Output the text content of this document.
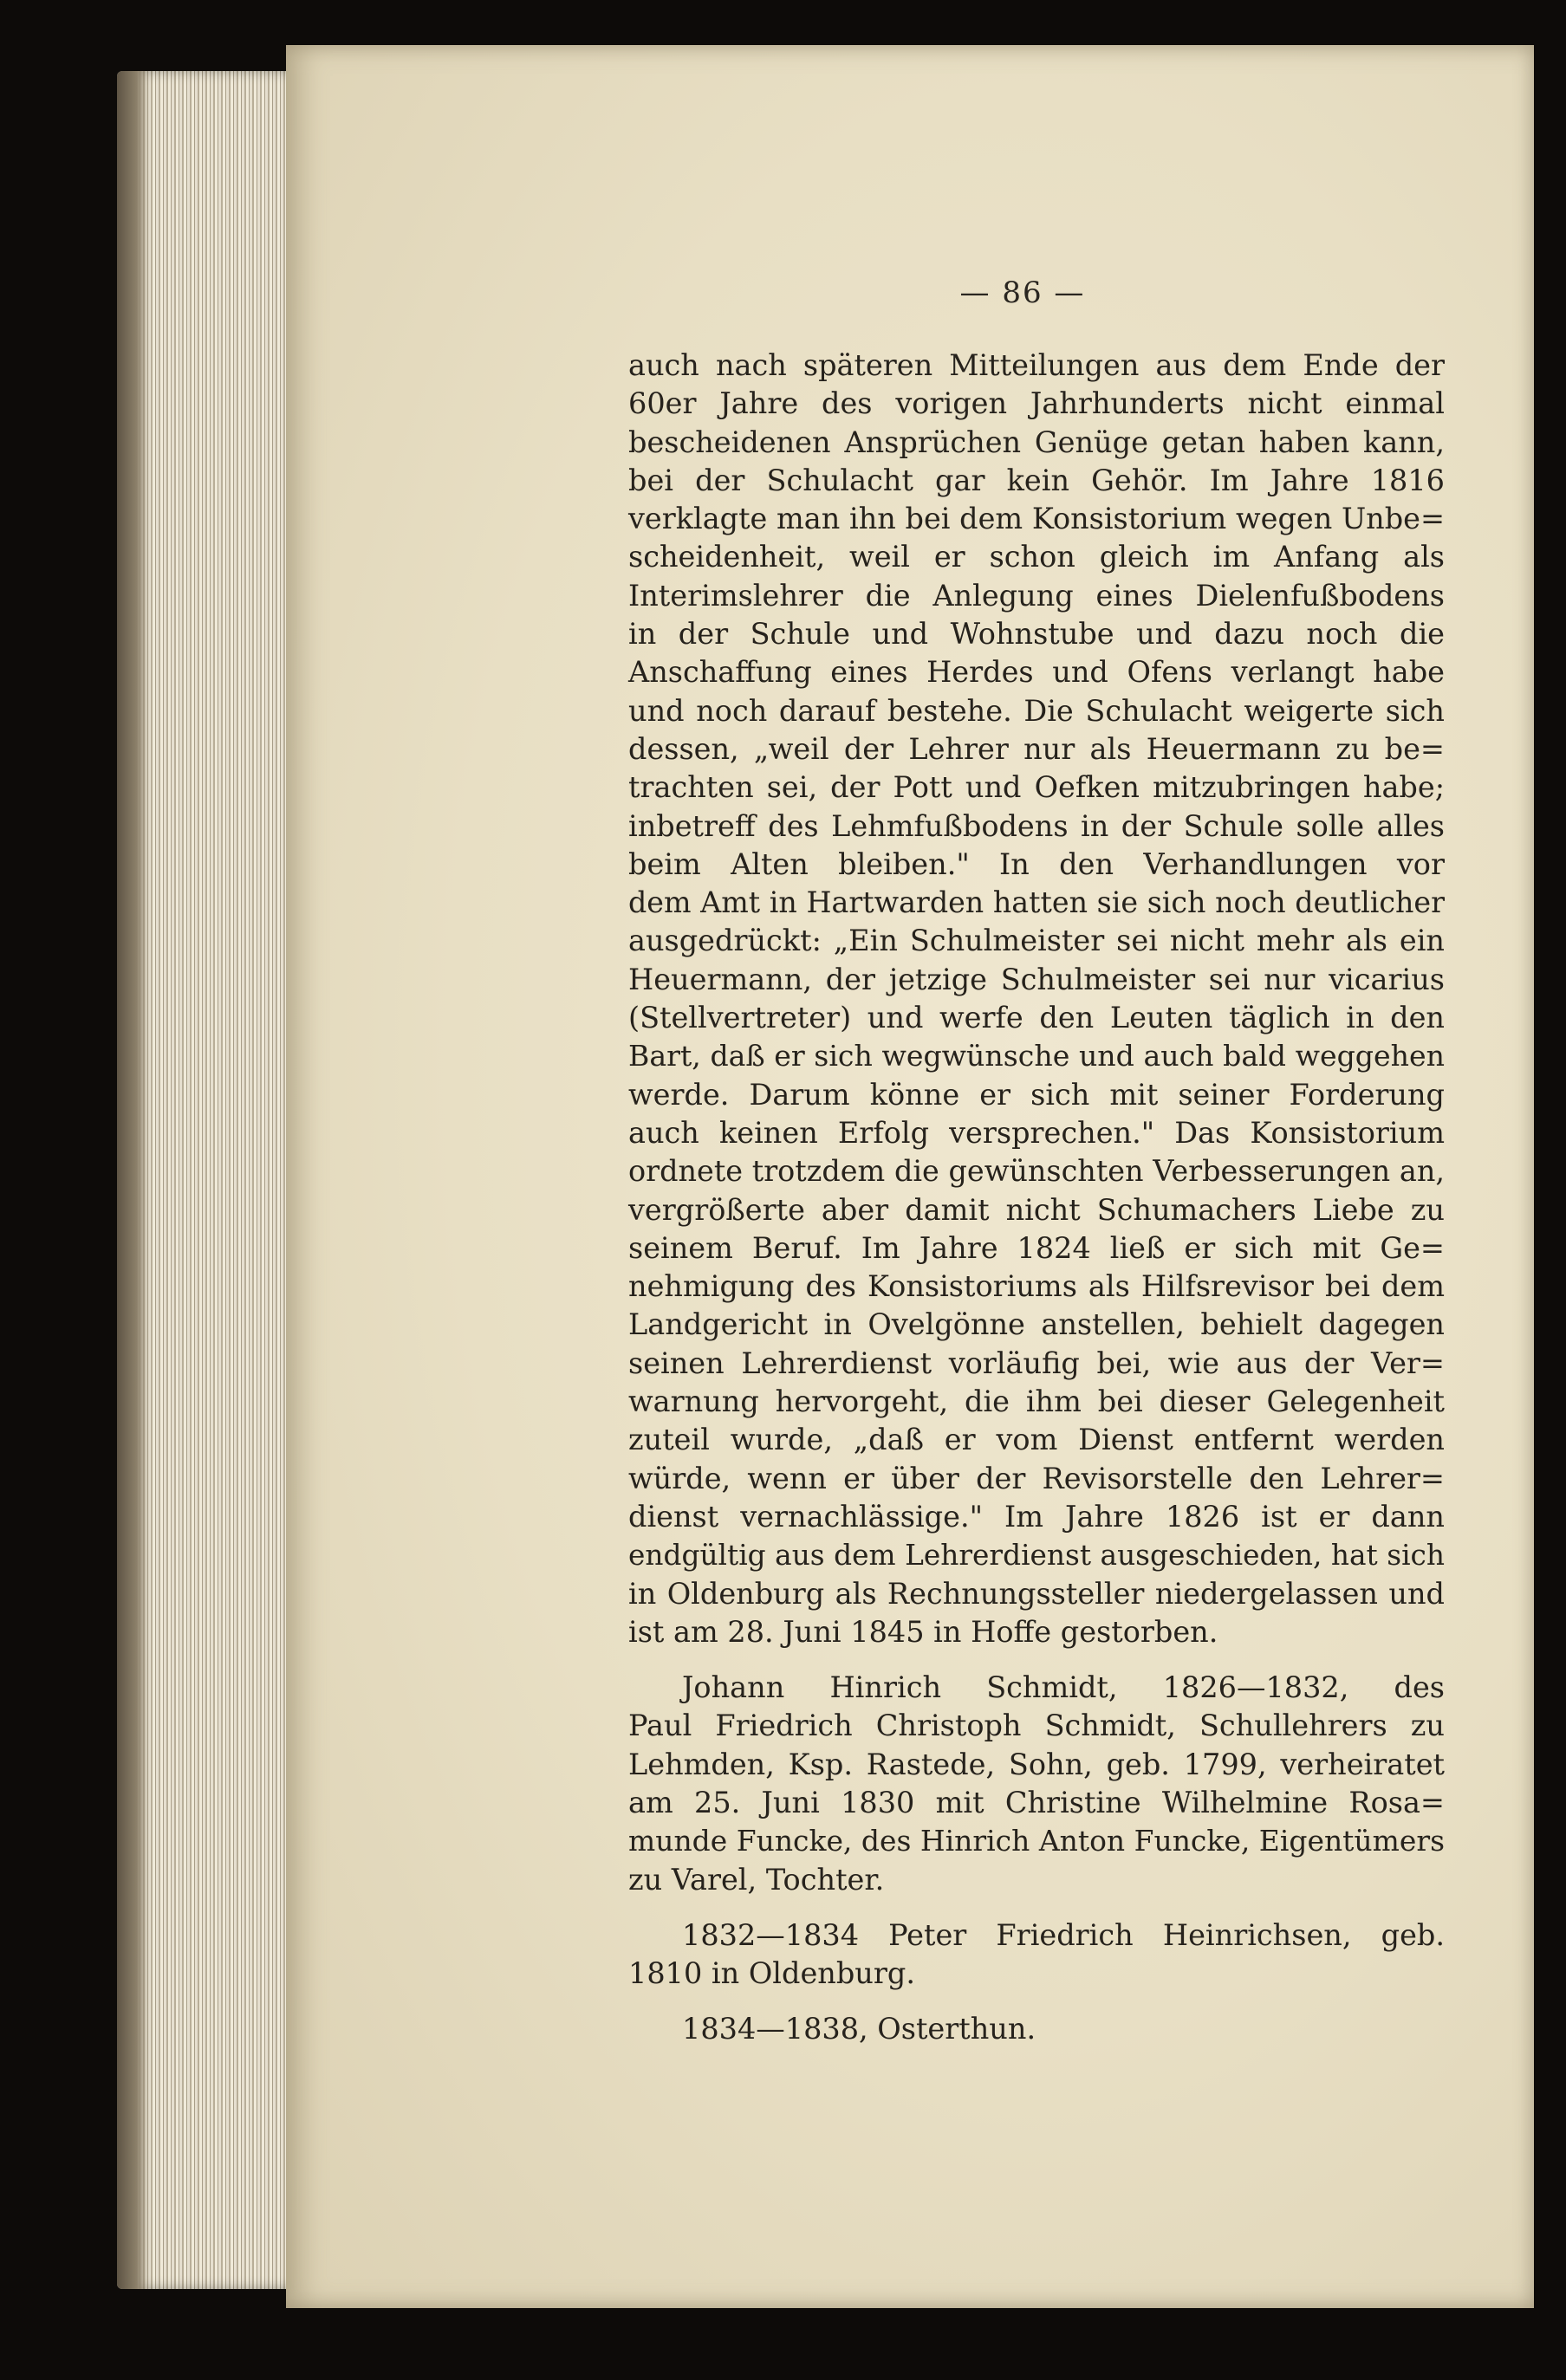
— 86 —
auch nach späteren Mitteilungen aus dem Ende der
60er Jahre des vorigen Jahrhunderts nicht einmal
bescheidenen Ansprüchen Genüge getan haben kann,
bei der Schulacht gar kein Gehör. Im Jahre 1816
verklagte man ihn bei dem Konsistorium wegen Unbe=
scheidenheit, weil er schon gleich im Anfang als
Interimslehrer die Anlegung eines Dielenfußbodens
in der Schule und Wohnstube und dazu noch die
Anschaffung eines Herdes und Ofens verlangt habe
und noch darauf bestehe. Die Schulacht weigerte sich
dessen, „weil der Lehrer nur als Heuermann zu be=
trachten sei, der Pott und Oefken mitzubringen habe;
inbetreff des Lehmfußbodens in der Schule solle alles
beim Alten bleiben." In den Verhandlungen vor
dem Amt in Hartwarden hatten sie sich noch deutlicher
ausgedrückt: „Ein Schulmeister sei nicht mehr als ein
Heuermann, der jetzige Schulmeister sei nur vicarius
(Stellvertreter) und werfe den Leuten täglich in den
Bart, daß er sich wegwünsche und auch bald weggehen
werde. Darum könne er sich mit seiner Forderung
auch keinen Erfolg versprechen." Das Konsistorium
ordnete trotzdem die gewünschten Verbesserungen an,
vergrößerte aber damit nicht Schumachers Liebe zu
seinem Beruf. Im Jahre 1824 ließ er sich mit Ge=
nehmigung des Konsistoriums als Hilfsrevisor bei dem
Landgericht in Ovelgönne anstellen, behielt dagegen
seinen Lehrerdienst vorläufig bei, wie aus der Ver=
warnung hervorgeht, die ihm bei dieser Gelegenheit
zuteil wurde, „daß er vom Dienst entfernt werden
würde, wenn er über der Revisorstelle den Lehrer=
dienst vernachlässige." Im Jahre 1826 ist er dann
endgültig aus dem Lehrerdienst ausgeschieden, hat sich
in Oldenburg als Rechnungssteller niedergelassen und
ist am 28. Juni 1845 in Hoffe gestorben.
Johann Hinrich Schmidt, 1826—1832, des
Paul Friedrich Christoph Schmidt, Schullehrers zu
Lehmden, Ksp. Rastede, Sohn, geb. 1799, verheiratet
am 25. Juni 1830 mit Christine Wilhelmine Rosa=
munde Funcke, des Hinrich Anton Funcke, Eigentümers
zu Varel, Tochter.
1832—1834 Peter Friedrich Heinrichsen, geb.
1810 in Oldenburg.
1834—1838, Osterthun.
